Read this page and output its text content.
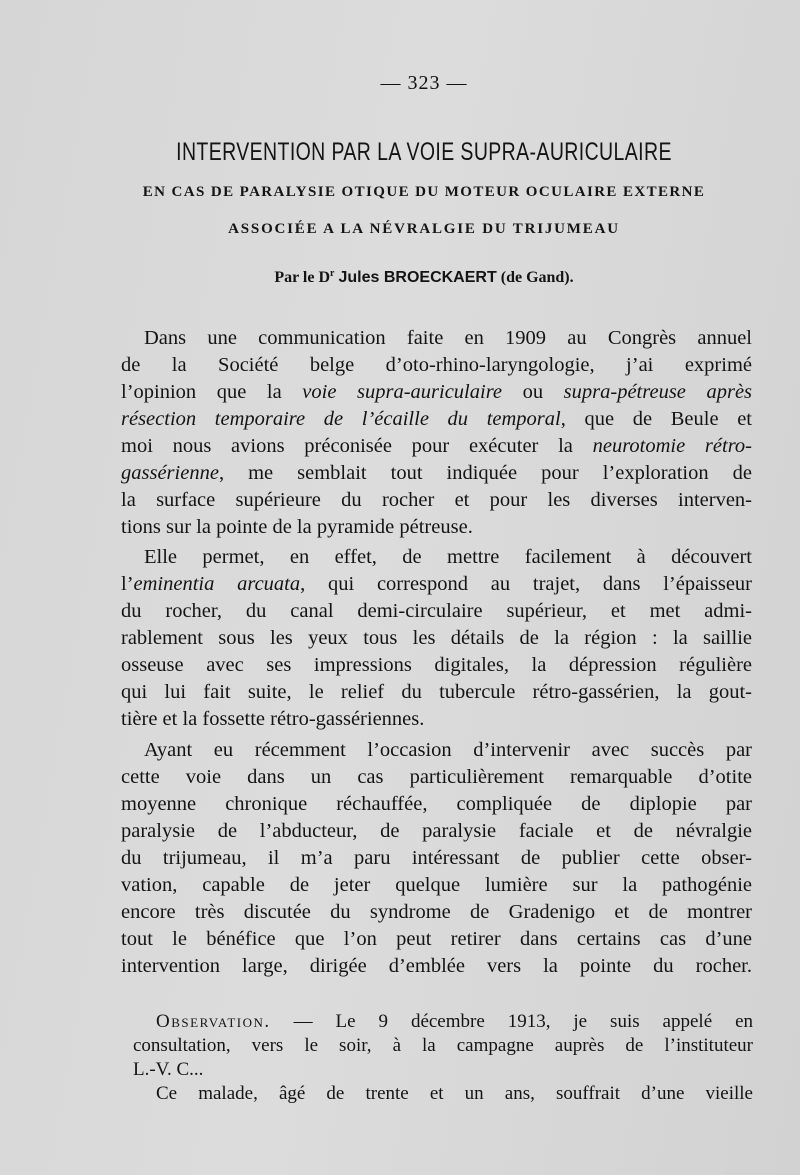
— 323 —
INTERVENTION PAR LA VOIE SUPRA-AURICULAIRE
EN CAS DE PARALYSIE OTIQUE DU MOTEUR OCULAIRE EXTERNE
ASSOCIÉE A LA NÉVRALGIE DU TRIJUMEAU
Par le $D^r$ Jules BROECKAERT (de Gand).
Dans une communication faite en 1909 au Congrès annuel
de la Société belge d’oto-rhino-laryngologie, j’ai exprimé
l’opinion que la voie supra-auriculaire ou supra-pétreuse après
résection temporaire de l’écaille du temporal, que de Beule et
moi nous avions préconisée pour exécuter la neurotomie rétro-
gassérienne, me semblait tout indiquée pour l’exploration de
la surface supérieure du rocher et pour les diverses interven-
tions sur la pointe de la pyramide pétreuse.
Elle permet, en effet, de mettre facilement à découvert
l’eminentia arcuata, qui correspond au trajet, dans l’épaisseur
du rocher, du canal demi-circulaire supérieur, et met admi-
rablement sous les yeux tous les détails de la région : la saillie
osseuse avec ses impressions digitales, la dépression régulière
qui lui fait suite, le relief du tubercule rétro-gassérien, la gout-
tière et la fossette rétro-gassériennes.
Ayant eu récemment l’occasion d’intervenir avec succès par
cette voie dans un cas particulièrement remarquable d’otite
moyenne chronique réchauffée, compliquée de diplopie par
paralysie de l’abducteur, de paralysie faciale et de névralgie
du trijumeau, il m’a paru intéressant de publier cette obser-
vation, capable de jeter quelque lumière sur la pathogénie
encore très discutée du syndrome de Gradenigo et de montrer
tout le bénéfice que l’on peut retirer dans certains cas d’une
intervention large, dirigée d’emblée vers la pointe du rocher.
Observation. — Le 9 décembre 1913, je suis appelé en
consultation, vers le soir, à la campagne auprès de l’instituteur
L.-V. C...
Ce malade, âgé de trente et un ans, souffrait d’une vieille
